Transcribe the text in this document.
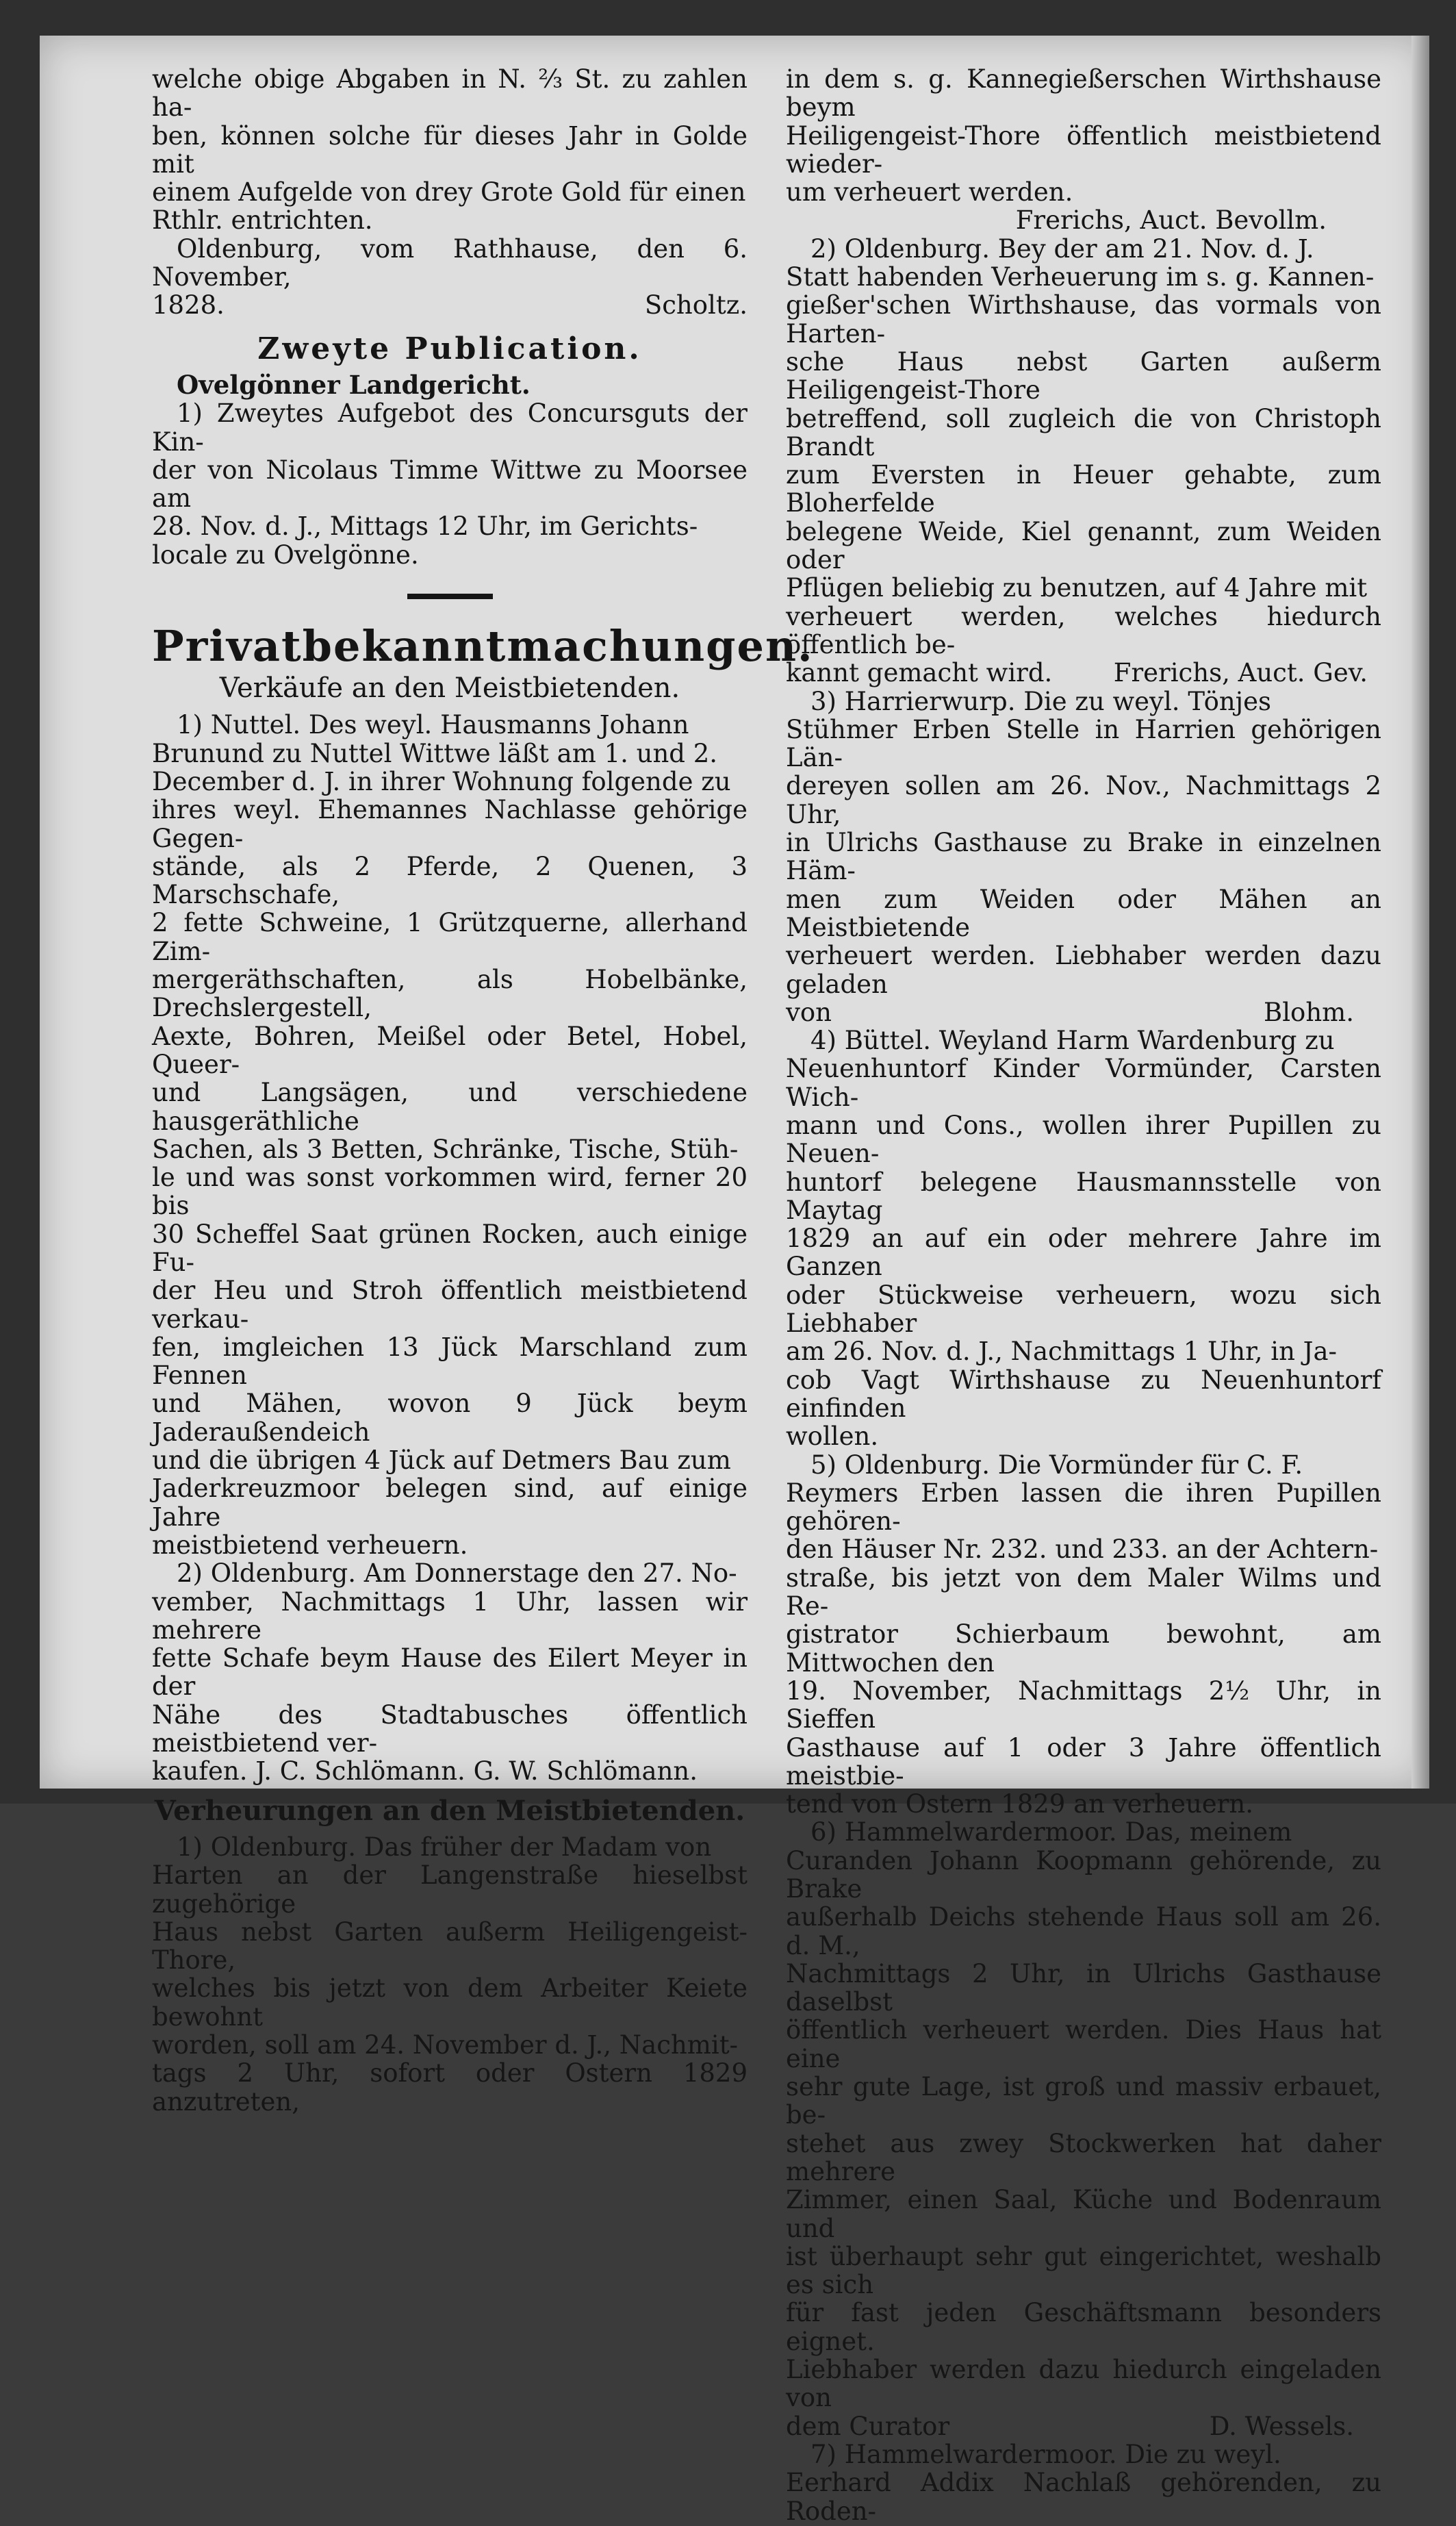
welche obige Abgaben in N. ⅔ St. zu zahlen ha-

ben, können solche für dieses Jahr in Golde mit

einem Aufgelde von drey Grote Gold für einen

Rthlr. entrichten.

Oldenburg, vom Rathhause, den 6. November,

1828.	Scholtz.
Zweyte Publication.

Ovelgönner Landgericht.

1) Zweytes Aufgebot des Concursguts der Kin-

der von Nicolaus Timme Wittwe zu Moorsee am

28. Nov. d. J., Mittags 12 Uhr, im Gerichts-

locale zu Ovelgönne.

Privatbekanntmachungen.
Verkäufe an den Meistbietenden.

1) Nuttel. Des weyl. Hausmanns Johann

Brunund zu Nuttel Wittwe läßt am 1. und 2.

December d. J. in ihrer Wohnung folgende zu

ihres weyl. Ehemannes Nachlasse gehörige Gegen-

stände, als 2 Pferde, 2 Quenen, 3 Marschschafe,

2 fette Schweine, 1 Grützquerne, allerhand Zim-

mergeräthschaften, als Hobelbänke, Drechslergestell,

Aexte, Bohren, Meißel oder Betel, Hobel, Queer-

und Langsägen, und verschiedene hausgeräthliche

Sachen, als 3 Betten, Schränke, Tische, Stüh-

le und was sonst vorkommen wird, ferner 20 bis

30 Scheffel Saat grünen Rocken, auch einige Fu-

der Heu und Stroh öffentlich meistbietend verkau-

fen, imgleichen 13 Jück Marschland zum Fennen

und Mähen, wovon 9 Jück beym Jaderaußendeich

und die übrigen 4 Jück auf Detmers Bau zum

Jaderkreuzmoor belegen sind, auf einige Jahre

meistbietend verheuern.

2) Oldenburg. Am Donnerstage den 27. No-

vember, Nachmittags 1 Uhr, lassen wir mehrere

fette Schafe beym Hause des Eilert Meyer in der

Nähe des Stadtabusches öffentlich meistbietend ver-

kaufen. J. C. Schlömann. G. W. Schlömann.

Verheurungen an den Meistbietenden.

1) Oldenburg. Das früher der Madam von

Harten an der Langenstraße hieselbst zugehörige

Haus nebst Garten außerm Heiligengeist-Thore,

welches bis jetzt von dem Arbeiter Keiete bewohnt

worden, soll am 24. November d. J., Nachmit-

tags 2 Uhr, sofort oder Ostern 1829 anzutreten,

in dem s. g. Kannegießerschen Wirthshause beym

Heiligengeist-Thore öffentlich meistbietend wieder-

um verheuert werden.

Frerichs, Auct. Bevollm.

2) Oldenburg. Bey der am 21. Nov. d. J.

Statt habenden Verheuerung im s. g. Kannen-

gießer'schen Wirthshause, das vormals von Harten-

sche Haus nebst Garten außerm Heiligengeist-Thore

betreffend, soll zugleich die von Christoph Brandt

zum Eversten in Heuer gehabte, zum Bloherfelde

belegene Weide, Kiel genannt, zum Weiden oder

Pflügen beliebig zu benutzen, auf 4 Jahre mit

verheuert werden, welches hiedurch öffentlich be-

kannt gemacht wird. Frerichs, Auct. Gev.

3) Harrierwurp. Die zu weyl. Tönjes

Stühmer Erben Stelle in Harrien gehörigen Län-

dereyen sollen am 26. Nov., Nachmittags 2 Uhr,

in Ulrichs Gasthause zu Brake in einzelnen Häm-

men zum Weiden oder Mähen an Meistbietende

verheuert werden. Liebhaber werden dazu geladen

von	Blohm.

4) Büttel. Weyland Harm Wardenburg zu

Neuenhuntorf Kinder Vormünder, Carsten Wich-

mann und Cons., wollen ihrer Pupillen zu Neuen-

huntorf belegene Hausmannsstelle von Maytag

1829 an auf ein oder mehrere Jahre im Ganzen

oder Stückweise verheuern, wozu sich Liebhaber

am 26. Nov. d. J., Nachmittags 1 Uhr, in Ja-

cob Vagt Wirthshause zu Neuenhuntorf einfinden

wollen.

5) Oldenburg. Die Vormünder für C. F.

Reymers Erben lassen die ihren Pupillen gehören-

den Häuser Nr. 232. und 233. an der Achtern-

straße, bis jetzt von dem Maler Wilms und Re-

gistrator Schierbaum bewohnt, am Mittwochen den

19. November, Nachmittags 2½ Uhr, in Sieffen

Gasthause auf 1 oder 3 Jahre öffentlich meistbie-

tend von Ostern 1829 an verheuern.

6) Hammelwardermoor. Das, meinem

Curanden Johann Koopmann gehörende, zu Brake

außerhalb Deichs stehende Haus soll am 26. d. M.,

Nachmittags 2 Uhr, in Ulrichs Gasthause daselbst

öffentlich verheuert werden. Dies Haus hat eine

sehr gute Lage, ist groß und massiv erbauet, be-

stehet aus zwey Stockwerken hat daher mehrere

Zimmer, einen Saal, Küche und Bodenraum und

ist überhaupt sehr gut eingerichtet, weshalb es sich

für fast jeden Geschäftsmann besonders eignet.

Liebhaber werden dazu hiedurch eingeladen von

dem Curator	D. Wessels.

7) Hammelwardermoor. Die zu weyl.

Eerhard Addix Nachlaß gehörenden, zu Roden-
